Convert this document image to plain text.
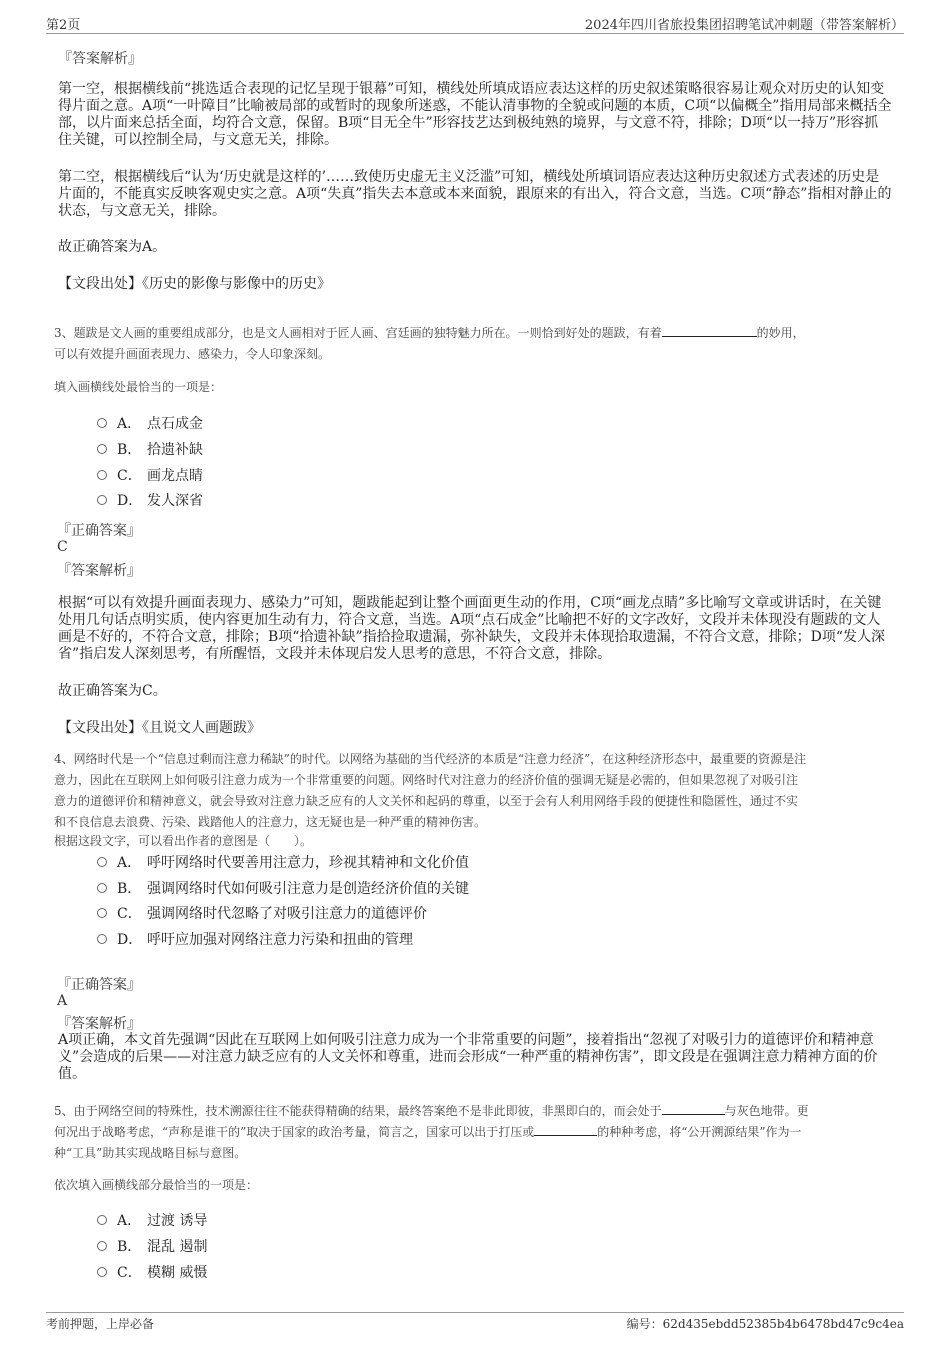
第2页	2024年四川省旅投集团招聘笔试冲刺题（带答案解析）
『答案解析』
第一空，根据横线前“挑选适合表现的记忆呈现于银幕”可知，横线处所填成语应表达这样的历史叙述策略很容易让观众对历史的认知变得片面之意。A项“一叶障目”比喻被局部的或暂时的现象所迷惑，不能认清事物的全貌或问题的本质，C项“以偏概全”指用局部来概括全部，以片面来总括全面，均符合文意，保留。B项“目无全牛”形容技艺达到极纯熟的境界，与文意不符，排除；D项“以一持万”形容抓住关键，可以控制全局，与文意无关，排除。
第二空，根据横线后“认为‘历史就是这样的’……致使历史虚无主义泛滥”可知，横线处所填词语应表达这种历史叙述方式表述的历史是片面的，不能真实反映客观史实之意。A项“失真”指失去本意或本来面貌，跟原来的有出入，符合文意，当选。C项“静态”指相对静止的状态，与文意无关，排除。
故正确答案为A。
【文段出处】《历史的影像与影像中的历史》

3、题跋是文人画的重要组成部分，也是文人画相对于匠人画、宫廷画的独特魅力所在。一则恰到好处的题跋，有着	的妙用，

可以有效提升画面表现力、感染力，令人印象深刻。

填入画横线处最恰当的一项是：
A． 点石成金
B． 拾遗补缺
C． 画龙点睛
D． 发人深省
『正确答案』
C
『答案解析』
根据“可以有效提升画面表现力、感染力”可知，题跋能起到让整个画面更生动的作用，C项“画龙点睛”多比喻写文章或讲话时，在关键处用几句话点明实质，使内容更加生动有力，符合文意，当选。A项“点石成金”比喻把不好的文字改好，文段并未体现没有题跋的文人画是不好的，不符合文意，排除；B项“拾遗补缺”指拾捡取遗漏，弥补缺失，文段并未体现拾取遗漏，不符合文意，排除；D项“发人深省”指启发人深刻思考，有所醒悟，文段并未体现启发人思考的意思，不符合文意，排除。
故正确答案为C。
【文段出处】《且说文人画题跋》

4、网络时代是一个“信息过剩而注意力稀缺”的时代。以网络为基础的当代经济的本质是“注意力经济”，在这种经济形态中，最重要的资源是注

意力，因此在互联网上如何吸引注意力成为一个非常重要的问题。网络时代对注意力的经济价值的强调无疑是必需的，但如果忽视了对吸引注

意力的道德评价和精神意义，就会导致对注意力缺乏应有的人文关怀和起码的尊重，以至于会有人利用网络手段的便捷性和隐匿性，通过不实

和不良信息去浪费、污染、践踏他人的注意力，这无疑也是一种严重的精神伤害。

根据这段文字，可以看出作者的意图是（　　）。

A． 呼吁网络时代要善用注意力，珍视其精神和文化价值
B． 强调网络时代如何吸引注意力是创造经济价值的关键
C． 强调网络时代忽略了对吸引注意力的道德评价
D． 呼吁应加强对网络注意力污染和扭曲的管理
『正确答案』
A
『答案解析』
A项正确，本文首先强调“因此在互联网上如何吸引注意力成为一个非常重要的问题”，接着指出“忽视了对吸引力的道德评价和精神意义”会造成的后果——对注意力缺乏应有的人文关怀和尊重，进而会形成“一种严重的精神伤害”，即文段是在强调注意力精神方面的价值。

5、由于网络空间的特殊性，技术溯源往往不能获得精确的结果，最终答案绝不是非此即彼，非黑即白的，而会处于	与灰色地带。更

何况出于战略考虑，“声称是谁干的”取决于国家的政治考量，简言之，国家可以出于打压或	的种种考虑，将“公开溯源结果”作为一

种“工具”助其实现战略目标与意图。

依次填入画横线部分最恰当的一项是：
A． 过渡 诱导
B． 混乱 遏制
C． 模糊 威慑
考前押题，上岸必备	编号：62d435ebdd52385b4b6478bd47c9c4ea
